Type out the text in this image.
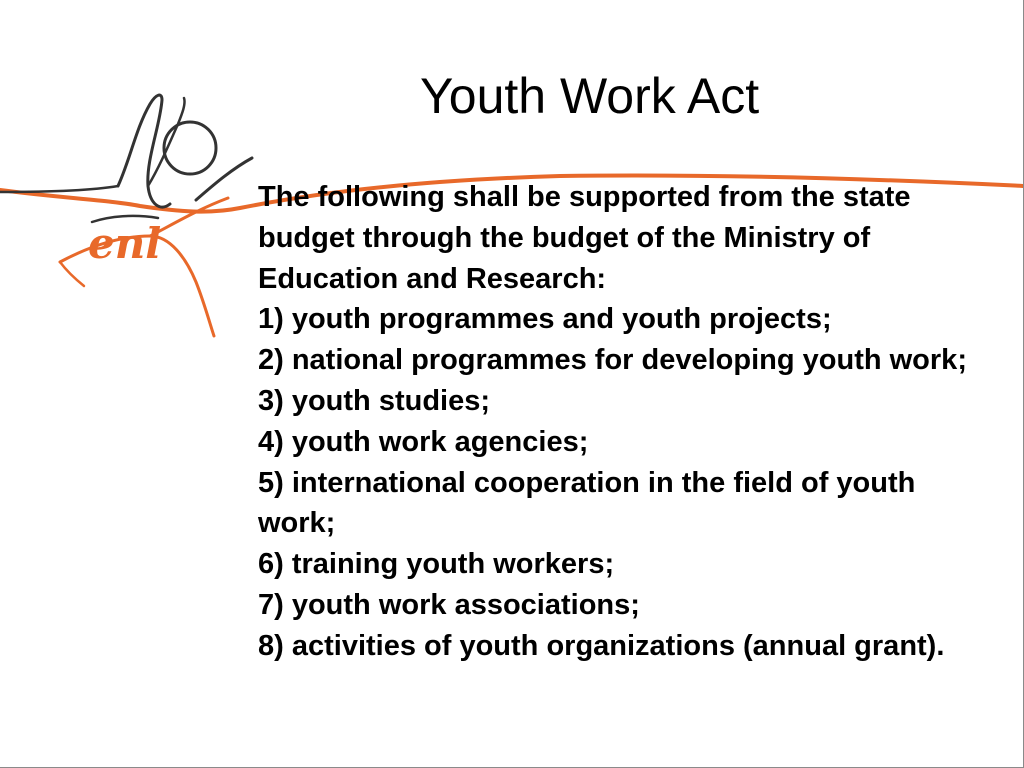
enl
Youth Work Act

The following shall be supported from the state budget through the budget of the Ministry of Education and Research:

1) youth programmes and youth projects;

2) national programmes for developing youth work;

3) youth studies;

4) youth work agencies;

5) international cooperation in the field of youth work;

6) training youth workers;

7) youth work associations;

8) activities of youth organizations (annual grant).
